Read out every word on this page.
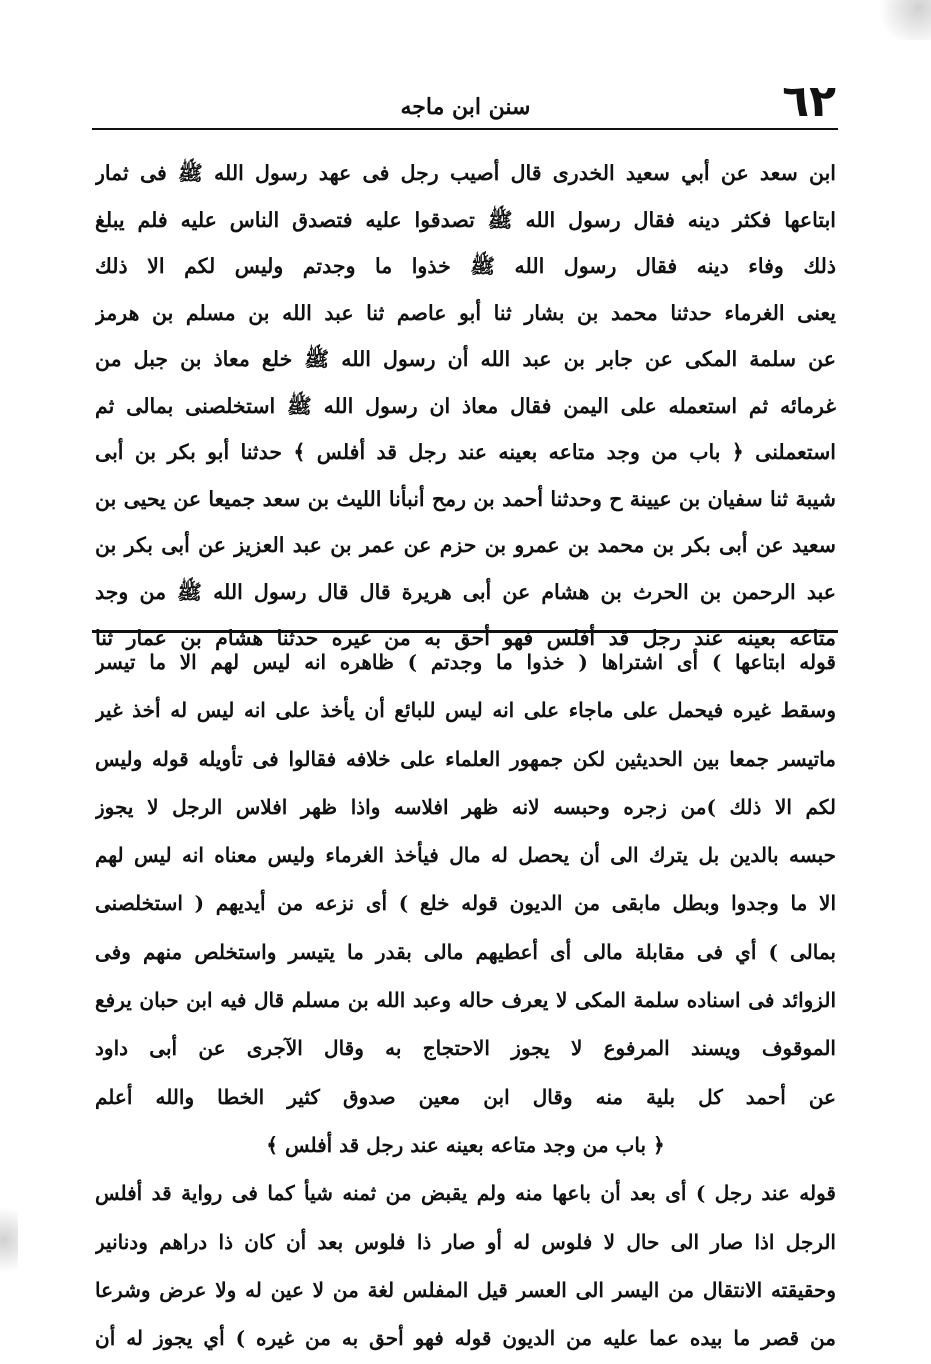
٦٢
سنن ابن ماجه
ابن سعد عن أبي سعيد الخدرى قال أصيب رجل فى عهد رسول الله ﷺ فى ثمار
ابتاعها فكثر دينه فقال رسول الله ﷺ تصدقوا عليه فتصدق الناس عليه فلم يبلغ
ذلك وفاء دينه فقال رسول الله ﷺ خذوا ما وجدتم وليس لكم الا ذلك
يعنى الغرماء حدثنا محمد بن بشار ثنا أبو عاصم ثنا عبد الله بن مسلم بن هرمز
عن سلمة المكى عن جابر بن عبد الله أن رسول الله ﷺ خلع معاذ بن جبل من
غرمائه ثم استعمله على اليمن فقال معاذ ان رسول الله ﷺ استخلصنى بمالى ثم
استعملنى ﴿ باب من وجد متاعه بعينه عند رجل قد أفلس ﴾ حدثنا أبو بكر بن أبى
شيبة ثنا سفيان بن عيينة ح وحدثنا أحمد بن رمح أنبأنا الليث بن سعد جميعا عن يحيى بن
سعيد عن أبى بكر بن محمد بن عمرو بن حزم عن عمر بن عبد العزيز عن أبى بكر بن
عبد الرحمن بن الحرث بن هشام عن أبى هريرة قال قال رسول الله ﷺ من وجد
متاعه بعينه عند رجل قد أفلس فهو أحق به من غيره حدثنا هشام بن عمار ثنا
قوله ابتاعها ) أى اشتراها ( خذوا ما وجدتم ) ظاهره انه ليس لهم الا ما تيسر
وسقط غيره فيحمل على ماجاء على انه ليس للبائع أن يأخذ على انه ليس له أخذ غير
ماتيسر جمعا بين الحديثين لكن جمهور العلماء على خلافه فقالوا فى تأويله قوله وليس
لكم الا ذلك )من زجره وحبسه لانه ظهر افلاسه واذا ظهر افلاس الرجل لا يجوز
حبسه بالدين بل يترك الى أن يحصل له مال فيأخذ الغرماء وليس معناه انه ليس لهم
الا ما وجدوا وبطل مابقى من الديون قوله خلع ) أى نزعه من أيديهم ( استخلصنى
بمالى ) أي فى مقابلة مالى أى أعطيهم مالى بقدر ما يتيسر واستخلص منهم وفى
الزوائد فى اسناده سلمة المكى لا يعرف حاله وعبد الله بن مسلم قال فيه ابن حبان يرفع
الموقوف ويسند المرفوع لا يجوز الاحتجاج به وقال الآجرى عن أبى داود
عن أحمد كل بلية منه وقال ابن معين صدوق كثير الخطا والله أعلم
﴿ باب من وجد متاعه بعينه عند رجل قد أفلس ﴾
قوله عند رجل ) أى بعد أن باعها منه ولم يقبض من ثمنه شيأ كما فى رواية قد أفلس
الرجل اذا صار الى حال لا فلوس له أو صار ذا فلوس بعد أن كان ذا دراهم ودنانير
وحقيقته الانتقال من اليسر الى العسر قيل المفلس لغة من لا عين له ولا عرض وشرعا
من قصر ما بيده عما عليه من الديون قوله فهو أحق به من غيره ) أي يجوز له أن
